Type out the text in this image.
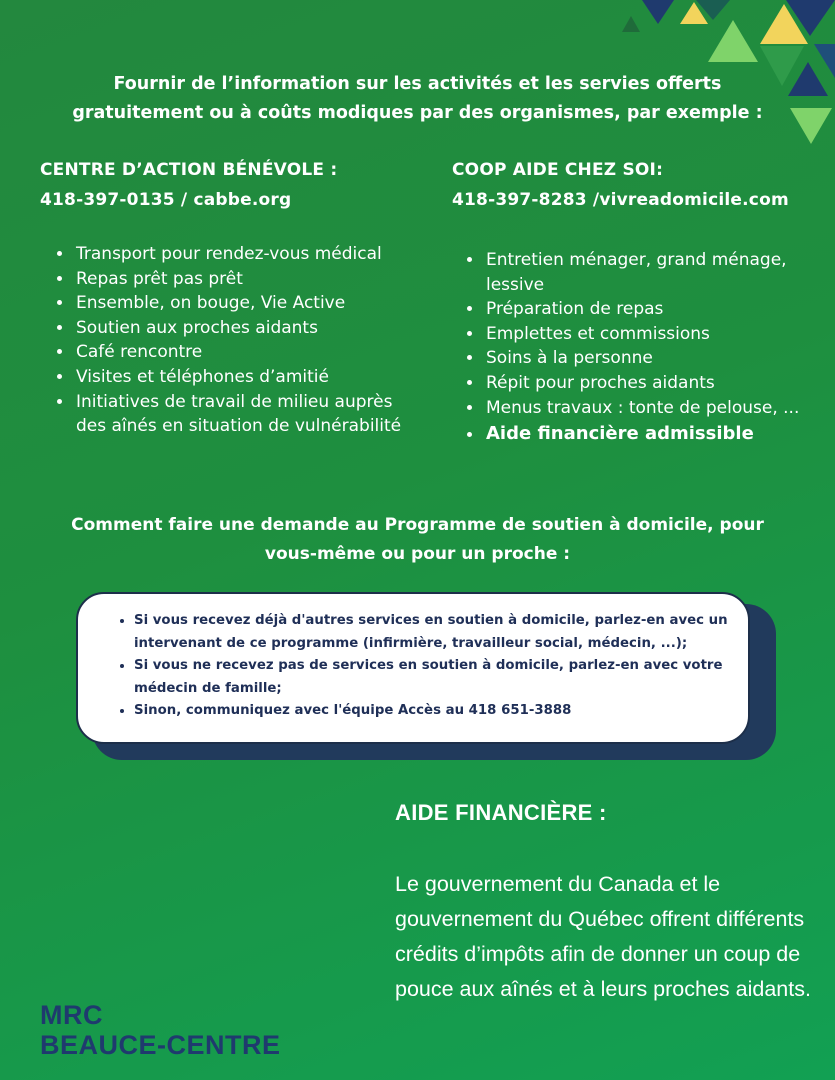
Fournir de l’information sur les activités et les servies offerts
gratuitement ou à coûts modiques par des organismes, par exemple :
CENTRE D’ACTION BÉNÉVOLE :
418-397-0135 / cabbe.org
• Transport pour rendez-vous médical
• Repas prêt pas prêt
• Ensemble, on bouge, Vie Active
• Soutien aux proches aidants
• Café rencontre
• Visites et téléphones d’amitié
• Initiatives de travail de milieu auprès des aînés en situation de vulnérabilité
COOP AIDE CHEZ SOI:
418-397-8283 /vivreadomicile.com
• Entretien ménager, grand ménage, lessive
• Préparation de repas
• Emplettes et commissions
• Soins à la personne
• Répit pour proches aidants
• Menus travaux : tonte de pelouse, ...
• Aide financière admissible
Comment faire une demande au Programme de soutien à domicile, pour
vous-même ou pour un proche :
• Si vous recevez déjà d'autres services en soutien à domicile, parlez-en avec un intervenant de ce programme (infirmière, travailleur social, médecin, ...);
• Si vous ne recevez pas de services en soutien à domicile, parlez-en avec votre médecin de famille;
• Sinon, communiquez avec l'équipe Accès au 418 651-3888
AIDE FINANCIÈRE :
Le gouvernement du Canada et le gouvernement du Québec offrent différents crédits d’impôts afin de donner un coup de pouce aux aînés et à leurs proches aidants.
MRC
BEAUCE-CENTRE
